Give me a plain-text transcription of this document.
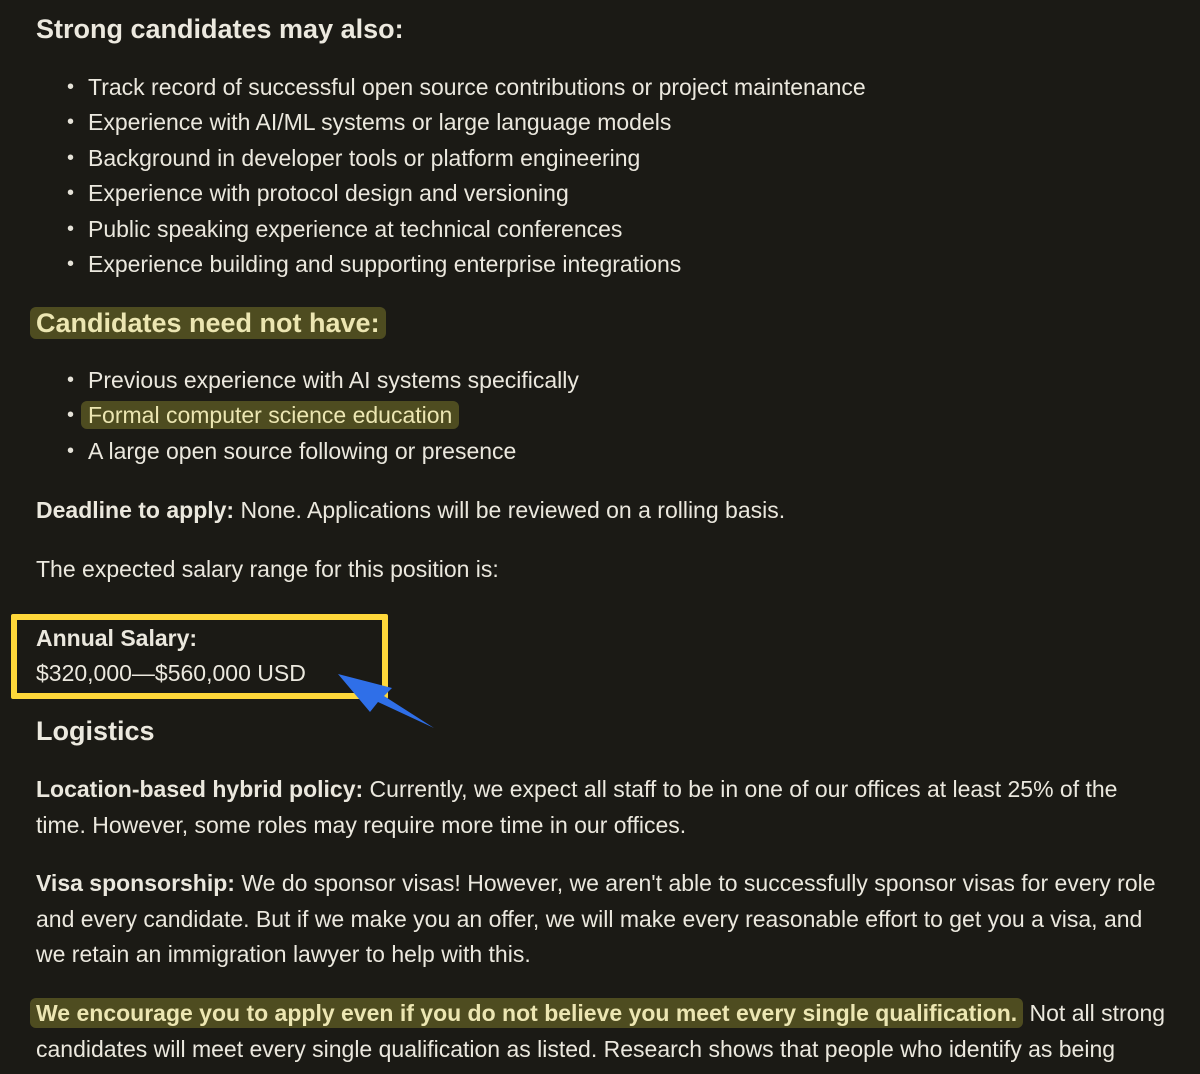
Strong candidates may also:
• Track record of successful open source contributions or project maintenance
• Experience with AI/ML systems or large language models
• Background in developer tools or platform engineering
• Experience with protocol design and versioning
• Public speaking experience at technical conferences
• Experience building and supporting enterprise integrations
Candidates need not have:
• Previous experience with AI systems specifically
• Formal computer science education
• A large open source following or presence

Deadline to apply: None. Applications will be reviewed on a rolling basis.

The expected salary range for this position is:

Annual Salary:

$320,000—$560,000 USD

Logistics

Location-based hybrid policy: Currently, we expect all staff to be in one of our offices at least 25% of the
time. However, some roles may require more time in our offices.

Visa sponsorship: We do sponsor visas! However, we aren't able to successfully sponsor visas for every role
and every candidate. But if we make you an offer, we will make every reasonable effort to get you a visa, and
we retain an immigration lawyer to help with this.

We encourage you to apply even if you do not believe you meet every single qualification. Not all strong
candidates will meet every single qualification as listed. Research shows that people who identify as being
